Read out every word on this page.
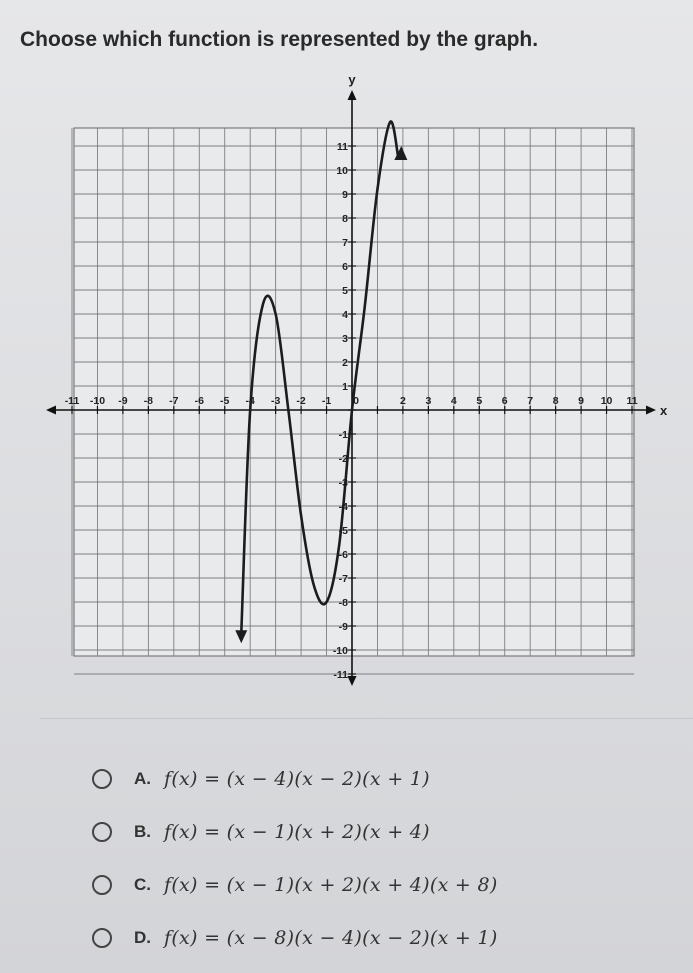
Choose which function is represented by the graph.
-11 -10 -9 -8 -7 -6 -5 -4 -3 -2 -1 0	2 3 4 5 6 7 8 9 10 11
11
10
9
8
7
6
5
4
3
2
1
-1
-2
-3
-4
-5
-6
-7
-8
-9
-10
-11
x
y
A. f(x) = (x − 4)(x − 2)(x + 1)
B. f(x) = (x − 1)(x + 2)(x + 4)
C. f(x) = (x − 1)(x + 2)(x + 4)(x + 8)
D. f(x) = (x − 8)(x − 4)(x − 2)(x + 1)
